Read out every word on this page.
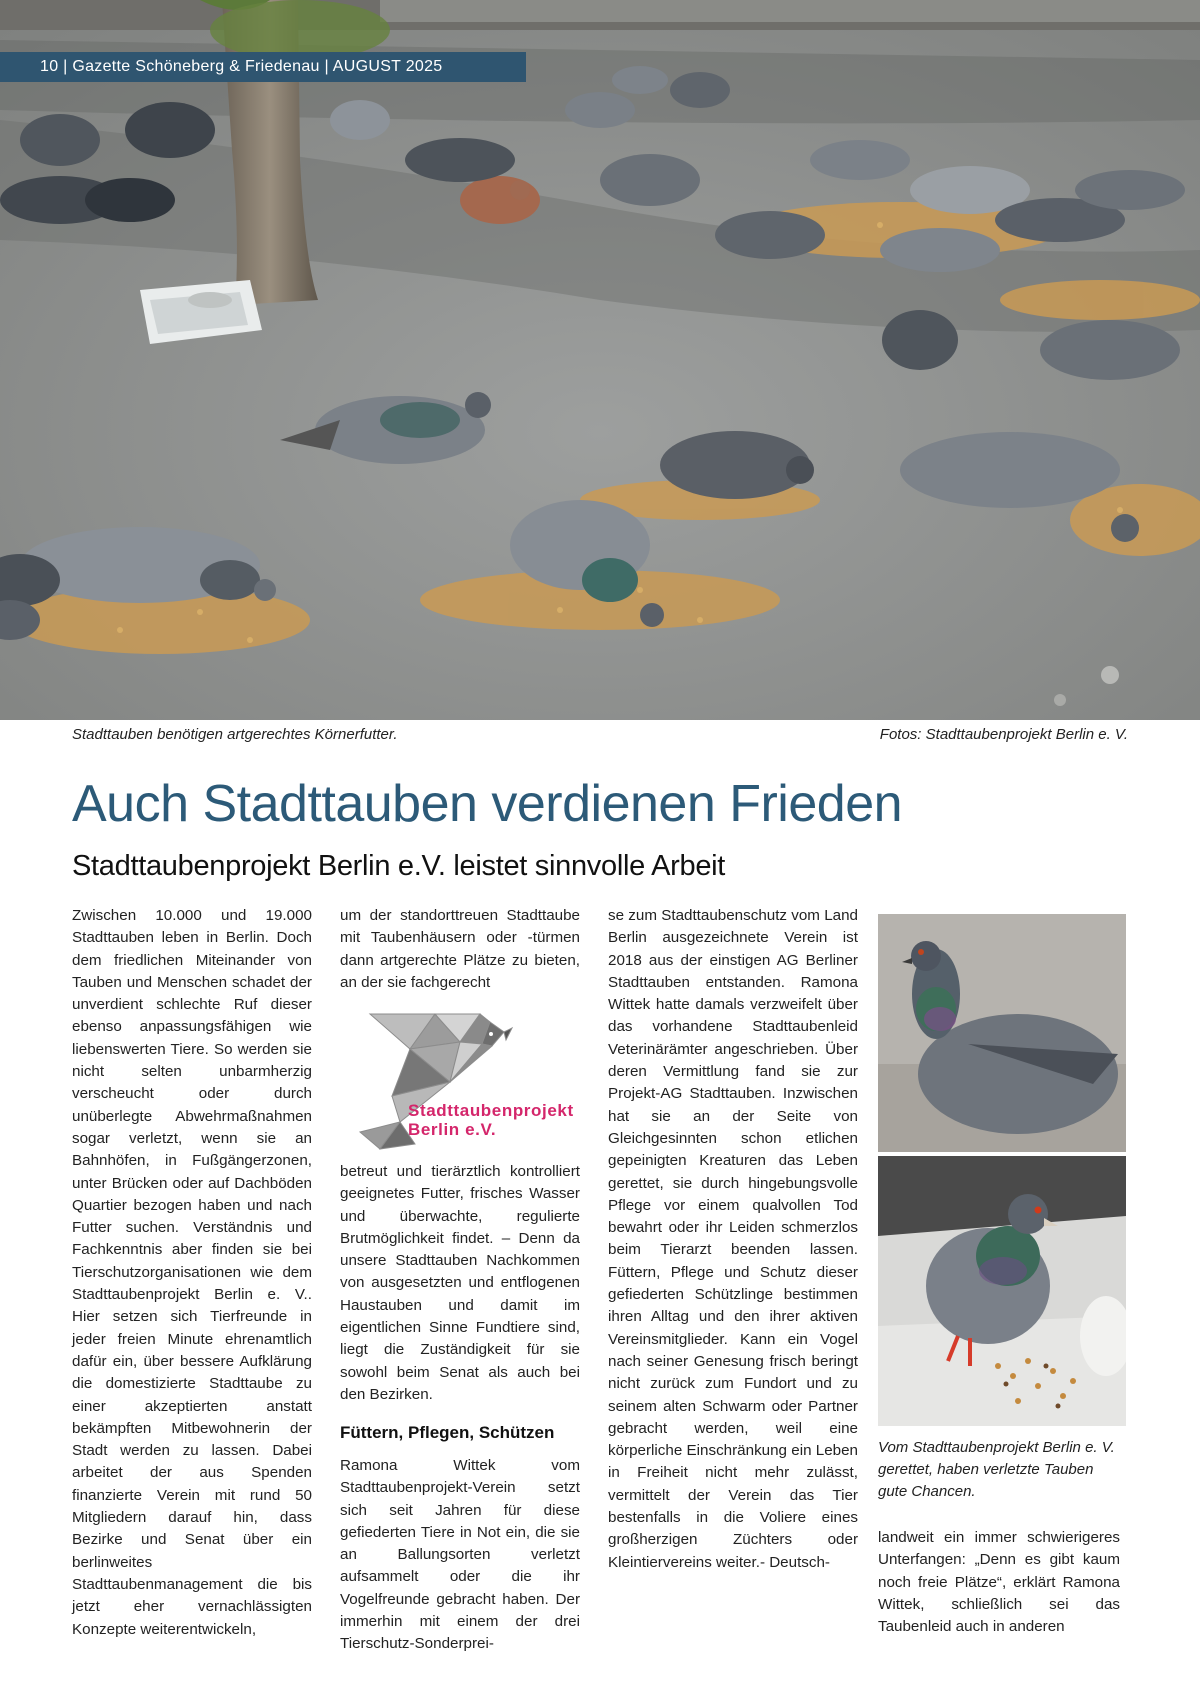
10 | Gazette Schöneberg & Friedenau | AUGUST 2025
Stadttauben benötigen artgerechtes Körnerfutter.	Fotos: Stadttaubenprojekt Berlin e. V.
Auch Stadttauben verdienen Frieden
Stadttaubenprojekt Berlin e.V. leistet sinnvolle Arbeit

Zwischen 10.000 und 19.000 Stadttauben leben in Berlin. Doch dem friedlichen Miteinander von Tauben und Menschen schadet der unverdient schlechte Ruf dieser ebenso anpassungsfähigen wie liebenswerten Tiere. So werden sie nicht selten unbarmherzig verscheucht oder durch unüberlegte Abwehrmaßnahmen sogar verletzt, wenn sie an Bahnhöfen, in Fußgängerzonen, unter Brücken oder auf Dachböden Quartier bezogen haben und nach Futter suchen. Verständnis und Fachkenntnis aber finden sie bei Tierschutzorganisationen wie dem Stadttaubenprojekt Berlin e. V.. Hier setzen sich Tierfreunde in jeder freien Minute ehrenamtlich dafür ein, über bessere Aufklärung die domestizierte Stadttaube zu einer akzeptierten anstatt bekämpften Mitbewohnerin der Stadt werden zu lassen. Dabei arbeitet der aus Spenden finanzierte Verein mit rund 50 Mitgliedern darauf hin, dass Bezirke und Senat über ein berlinweites Stadttaubenmanagement die bis jetzt eher vernachlässigten Konzepte weiterentwickeln,

um der standorttreuen Stadttaube mit Taubenhäusern oder -türmen dann artgerechte Plätze zu bieten, an der sie fachgerecht

Stadttaubenprojekt
Berlin e.V.

betreut und tierärztlich kontrolliert geeignetes Futter, frisches Wasser und überwachte, regulierte Brutmöglichkeit findet. – Denn da unsere Stadttauben Nachkommen von ausgesetzten und entflogenen Haustauben und damit im eigentlichen Sinne Fundtiere sind, liegt die Zuständigkeit für sie sowohl beim Senat als auch bei den Bezirken.

Füttern, Pflegen, Schützen

Ramona Wittek vom Stadttaubenprojekt-Verein setzt sich seit Jahren für diese gefiederten Tiere in Not ein, die sie an Ballungsorten verletzt aufsammelt oder die ihr Vogelfreunde gebracht haben. Der immerhin mit einem der drei Tierschutz-Sonderprei-

se zum Stadttaubenschutz vom Land Berlin ausgezeichnete Verein ist 2018 aus der einstigen AG Berliner Stadttauben entstanden. Ramona Wittek hatte damals verzweifelt über das vorhandene Stadttaubenleid Veterinärämter angeschrieben. Über deren Vermittlung fand sie zur Projekt-AG Stadttauben. Inzwischen hat sie an der Seite von Gleichgesinnten schon etlichen gepeinigten Kreaturen das Leben gerettet, sie durch hingebungsvolle Pflege vor einem qualvollen Tod bewahrt oder ihr Leiden schmerzlos beim Tierarzt beenden lassen. Füttern, Pflege und Schutz dieser gefiederten Schützlinge bestimmen ihren Alltag und den ihrer aktiven Vereinsmitglieder. Kann ein Vogel nach seiner Genesung frisch beringt nicht zurück zum Fundort und zu seinem alten Schwarm oder Partner gebracht werden, weil eine körperliche Einschränkung ein Leben in Freiheit nicht mehr zulässt, vermittelt der Verein das Tier bestenfalls in die Voliere eines großherzigen Züchters oder Kleintiervereins weiter.- Deutsch-

Vom Stadttaubenprojekt Berlin e. V. gerettet, haben verletzte Tauben gute Chancen.

landweit ein immer schwierigeres Unterfangen: „Denn es gibt kaum noch freie Plätze“, erklärt Ramona Wittek, schließlich sei das Taubenleid auch in anderen
